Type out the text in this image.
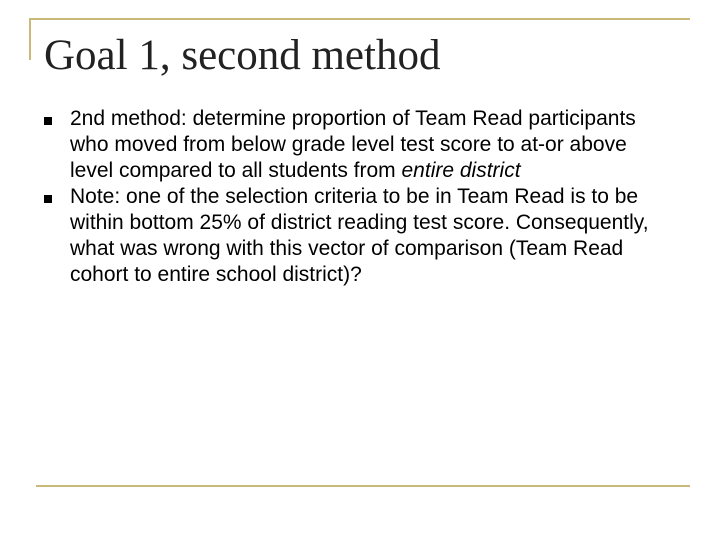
Goal 1, second method
2nd method: determine proportion of Team Read participants who moved from below grade level test score to at-or above level compared to all students from entire district
Note: one of the selection criteria to be in Team Read is to be within bottom 25% of district reading test score. Consequently, what was wrong with this vector of comparison (Team Read cohort to entire school district)?
